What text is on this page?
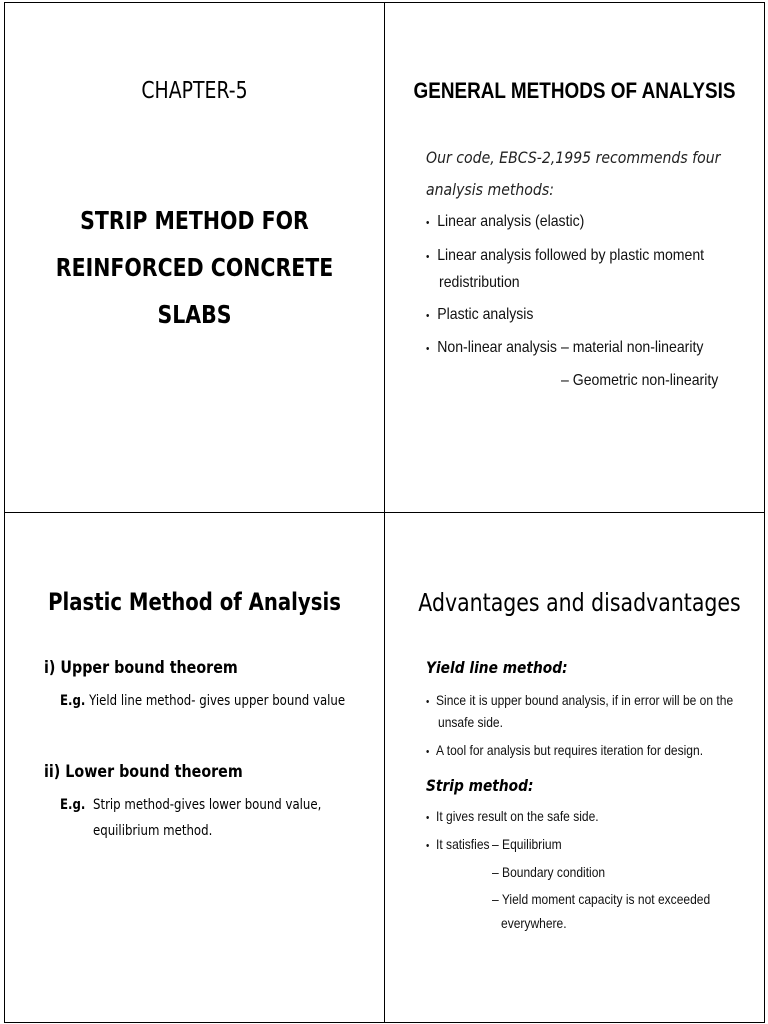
CHAPTER-5
STRIP METHOD FOR
REINFORCED CONCRETE
SLABS
GENERAL METHODS OF ANALYSIS
Our code, EBCS-2,1995 recommends four
analysis methods:
• Linear analysis (elastic)
• Linear analysis followed by plastic moment
redistribution
• Plastic analysis
• Non-linear analysis – material non-linearity
– Geometric non-linearity
Plastic Method of Analysis
i) Upper bound theorem
E.g. Yield line method- gives upper bound value
ii) Lower bound theorem
E.g. Strip method-gives lower bound value,
equilibrium method.
Advantages and disadvantages
Yield line method:
• Since it is upper bound analysis, if in error will be on the
unsafe side.
• A tool for analysis but requires iteration for design.
Strip method:
• It gives result on the safe side.
• It satisfies – Equilibrium
– Boundary condition
– Yield moment capacity is not exceeded
everywhere.
